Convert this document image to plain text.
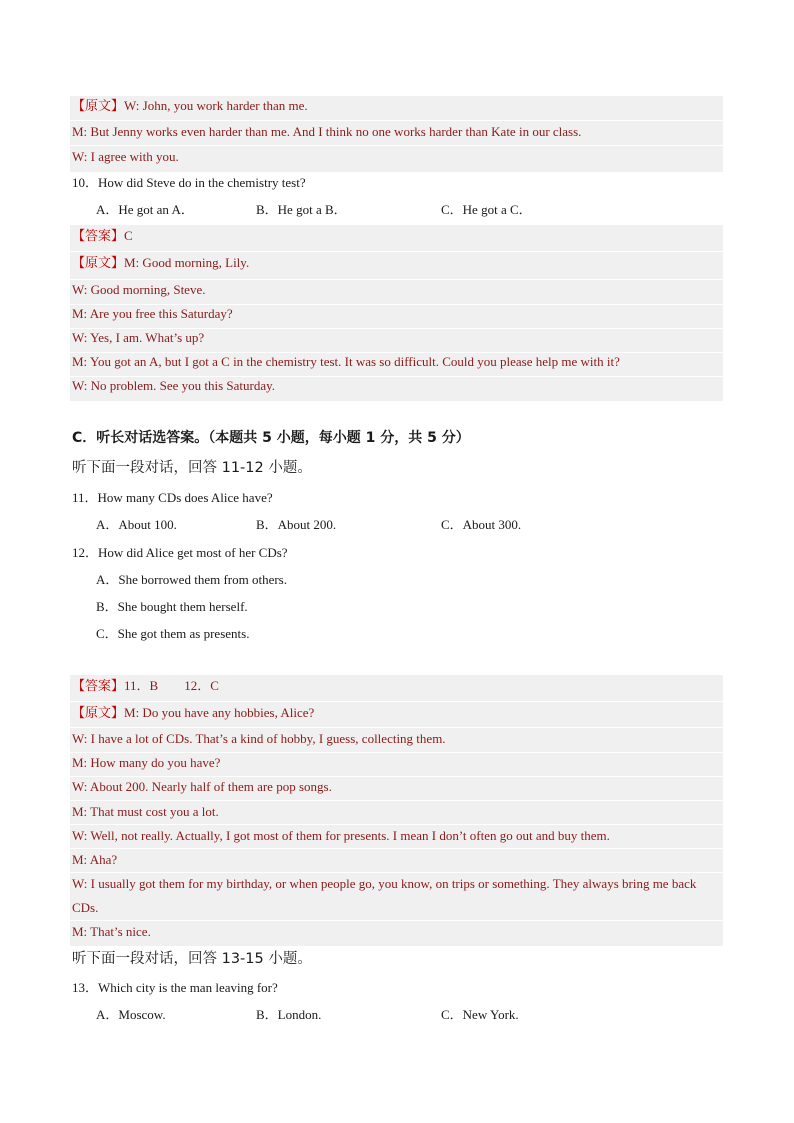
【原文】W: John, you work harder than me.
M: But Jenny works even harder than me. And I think no one works harder than Kate in our class.
W: I agree with you.
10．How did Steve do in the chemistry test?
A．He got an A．	B．He got a B．	C．He got a C．
【答案】C
【原文】M: Good morning, Lily.
W: Good morning, Steve.
M: Are you free this Saturday?
W: Yes, I am. What’s up?
M: You got an A, but I got a C in the chemistry test. It was so difficult. Could you please help me with it?
W: No problem. See you this Saturday.
C．听长对话选答案。（本题共 5 小题，每小题 1 分，共 5 分）
听下面一段对话，回答 11-12 小题。
11．How many CDs does Alice have?
A．About 100.	B．About 200.	C．About 300.
12．How did Alice get most of her CDs?
A．She borrowed them from others.
B．She bought them herself.
C．She got them as presents.
【答案】11．B 12．C
【原文】M: Do you have any hobbies, Alice?
W: I have a lot of CDs. That’s a kind of hobby, I guess, collecting them.
M: How many do you have?
W: About 200. Nearly half of them are pop songs.
M: That must cost you a lot.
W: Well, not really. Actually, I got most of them for presents. I mean I don’t often go out and buy them.
M: Aha?
W: I usually got them for my birthday, or when people go, you know, on trips or something. They always bring me back CDs.
M: That’s nice.
听下面一段对话，回答 13-15 小题。
13．Which city is the man leaving for?
A．Moscow.	B．London.	C．New York.
